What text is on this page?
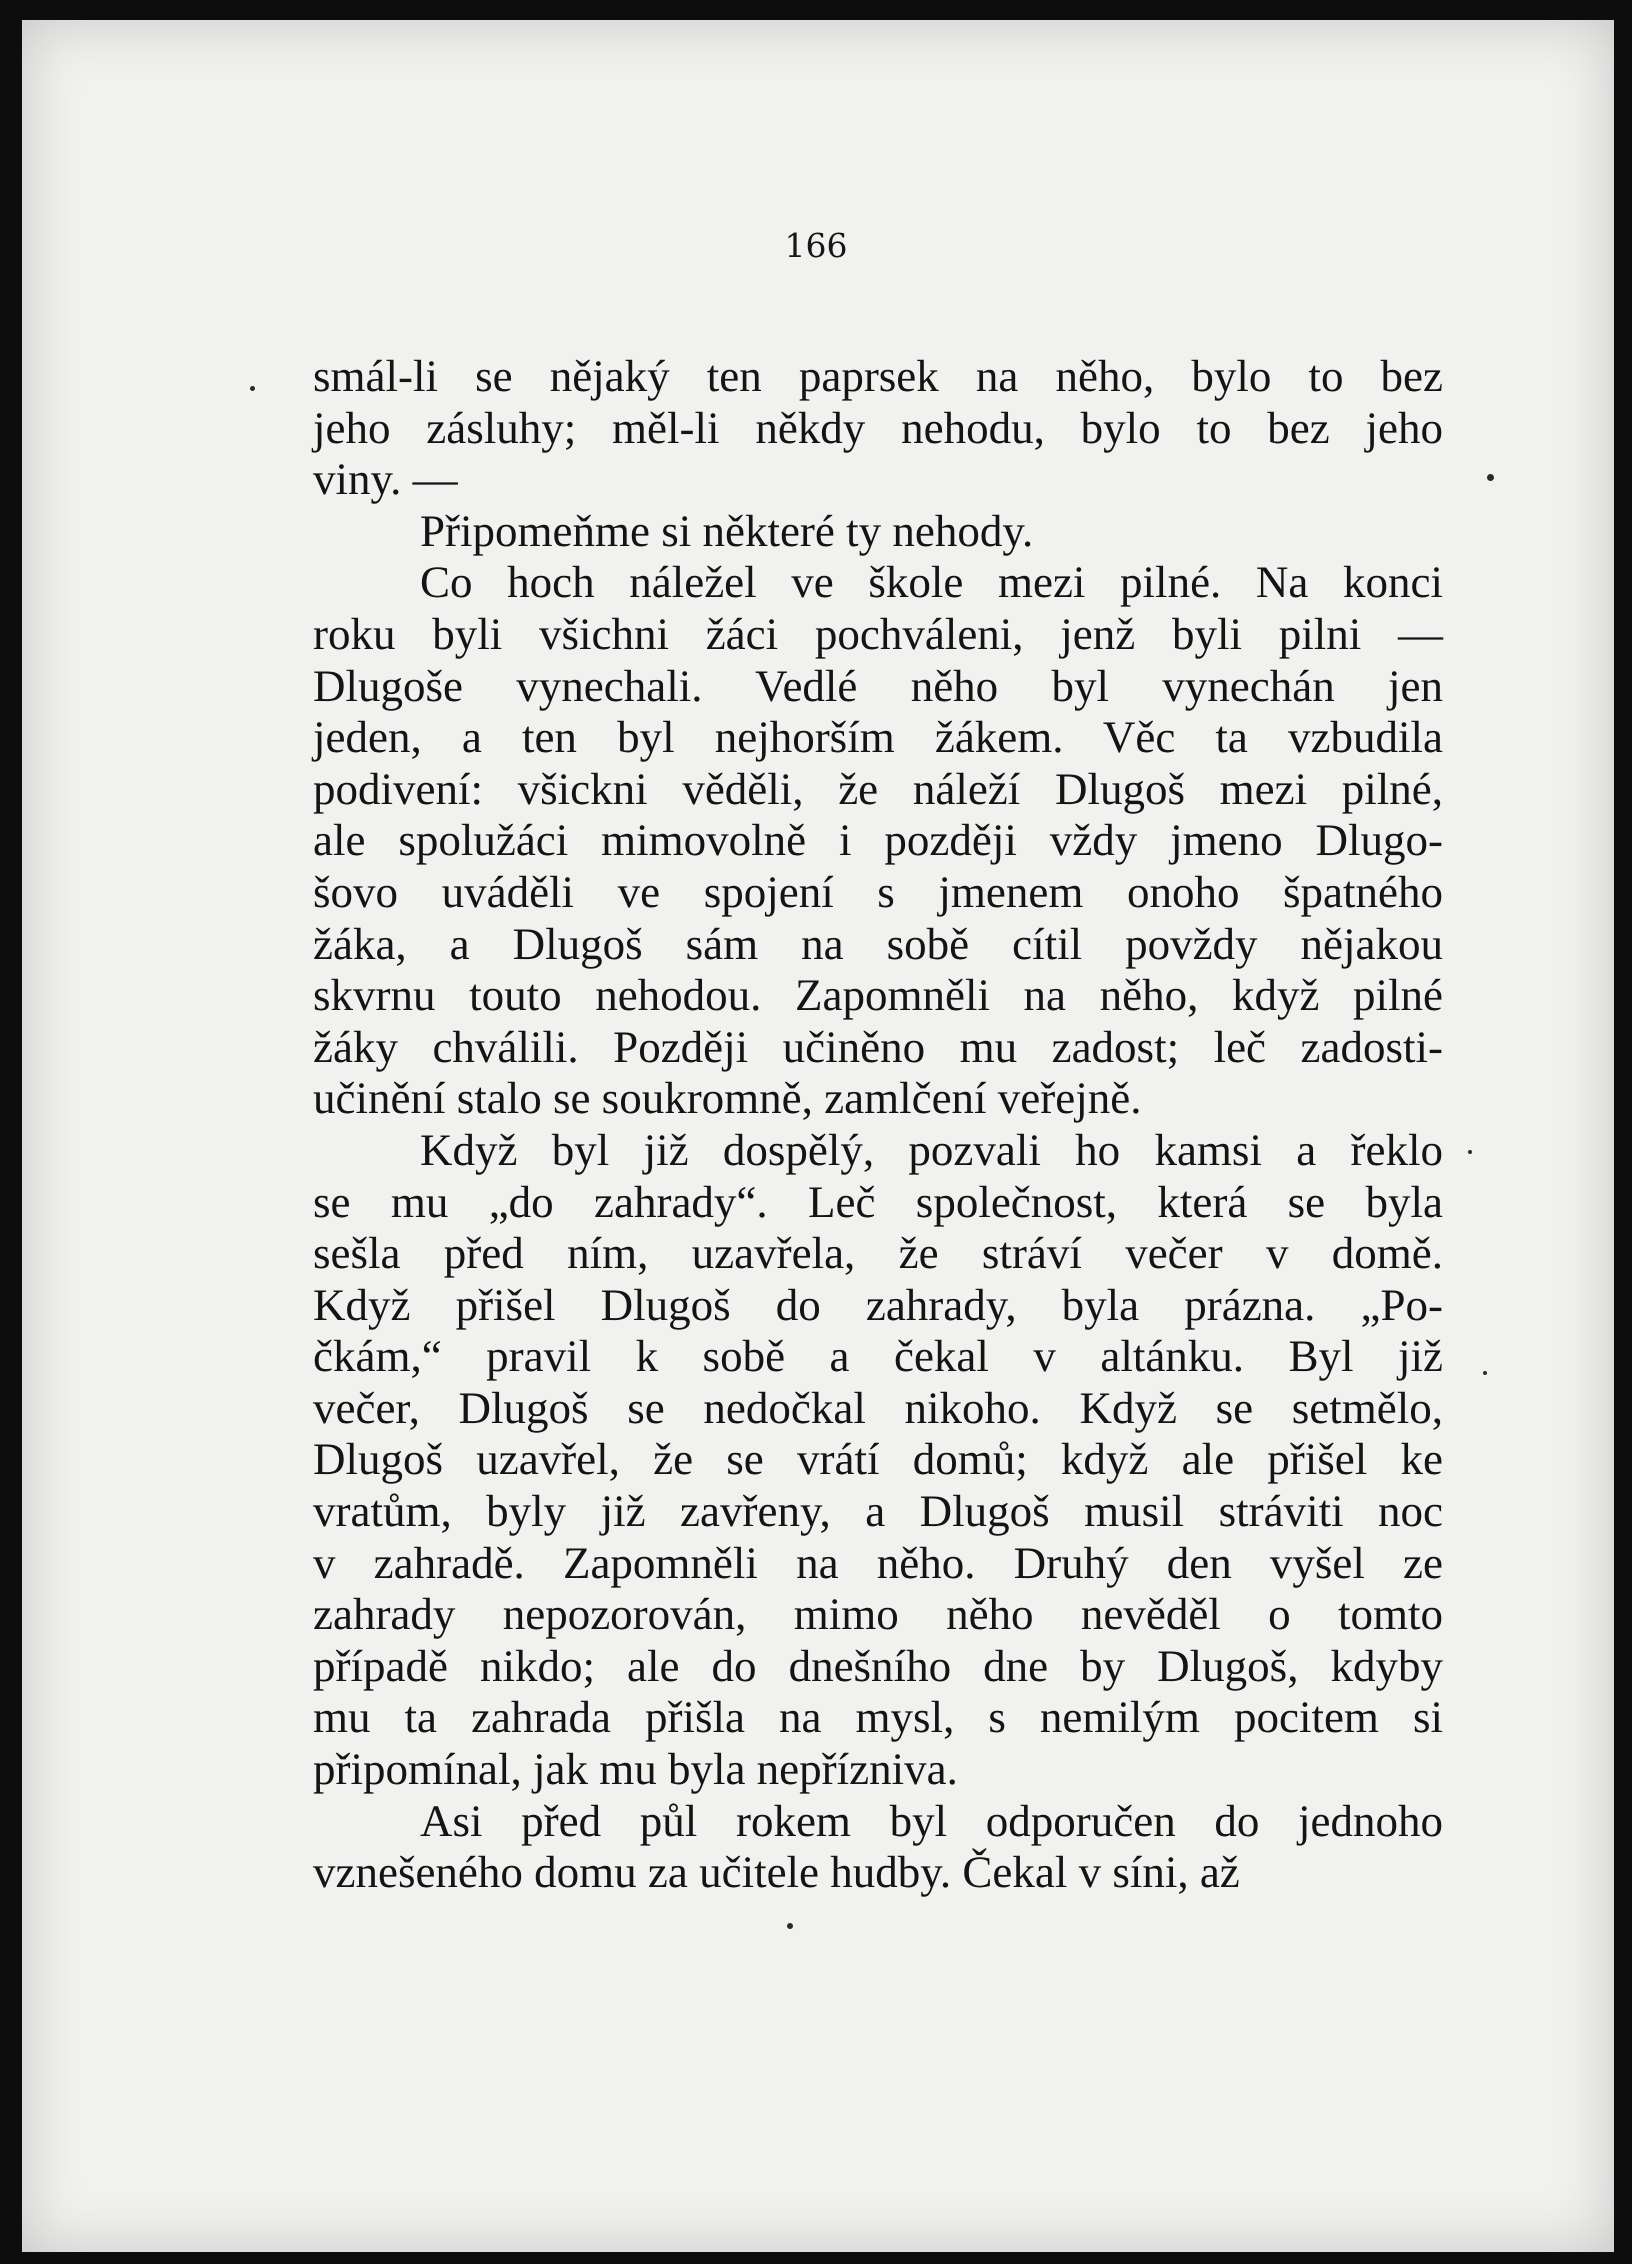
166

smál-li se nějaký ten paprsek na něho, bylo to bez
jeho zásluhy; měl-li někdy nehodu, bylo to bez jeho
viny. —

Připomeňme si některé ty nehody.

Co hoch náležel ve škole mezi pilné. Na konci
roku byli všichni žáci pochváleni, jenž byli pilni —
Dlugoše vynechali. Vedlé něho byl vynechán jen
jeden, a ten byl nejhorším žákem. Věc ta vzbudila
podivení: všickni věděli, že náleží Dlugoš mezi pilné,
ale spolužáci mimovolně i později vždy jmeno Dlugo-
šovo uváděli ve spojení s jmenem onoho špatného
žáka, a Dlugoš sám na sobě cítil povždy nějakou
skvrnu touto nehodou. Zapomněli na něho, když pilné
žáky chválili. Později učiněno mu zadost; leč zadosti-
učinění stalo se soukromně, zamlčení veřejně.

Když byl již dospělý, pozvali ho kamsi a řeklo
se mu „do zahrady“. Leč společnost, která se byla
sešla před ním, uzavřela, že stráví večer v domě.
Když přišel Dlugoš do zahrady, byla prázna. „Po-
čkám,“ pravil k sobě a čekal v altánku. Byl již
večer, Dlugoš se nedočkal nikoho. Když se setmělo,
Dlugoš uzavřel, že se vrátí domů; když ale přišel ke
vratům, byly již zavřeny, a Dlugoš musil stráviti noc
v zahradě. Zapomněli na něho. Druhý den vyšel ze
zahrady nepozorován, mimo něho nevěděl o tomto
případě nikdo; ale do dnešního dne by Dlugoš, kdyby
mu ta zahrada přišla na mysl, s nemilým pocitem si
připomínal, jak mu byla nepřízniva.

Asi před půl rokem byl odporučen do jednoho
vznešeného domu za učitele hudby. Čekal v síni, až
